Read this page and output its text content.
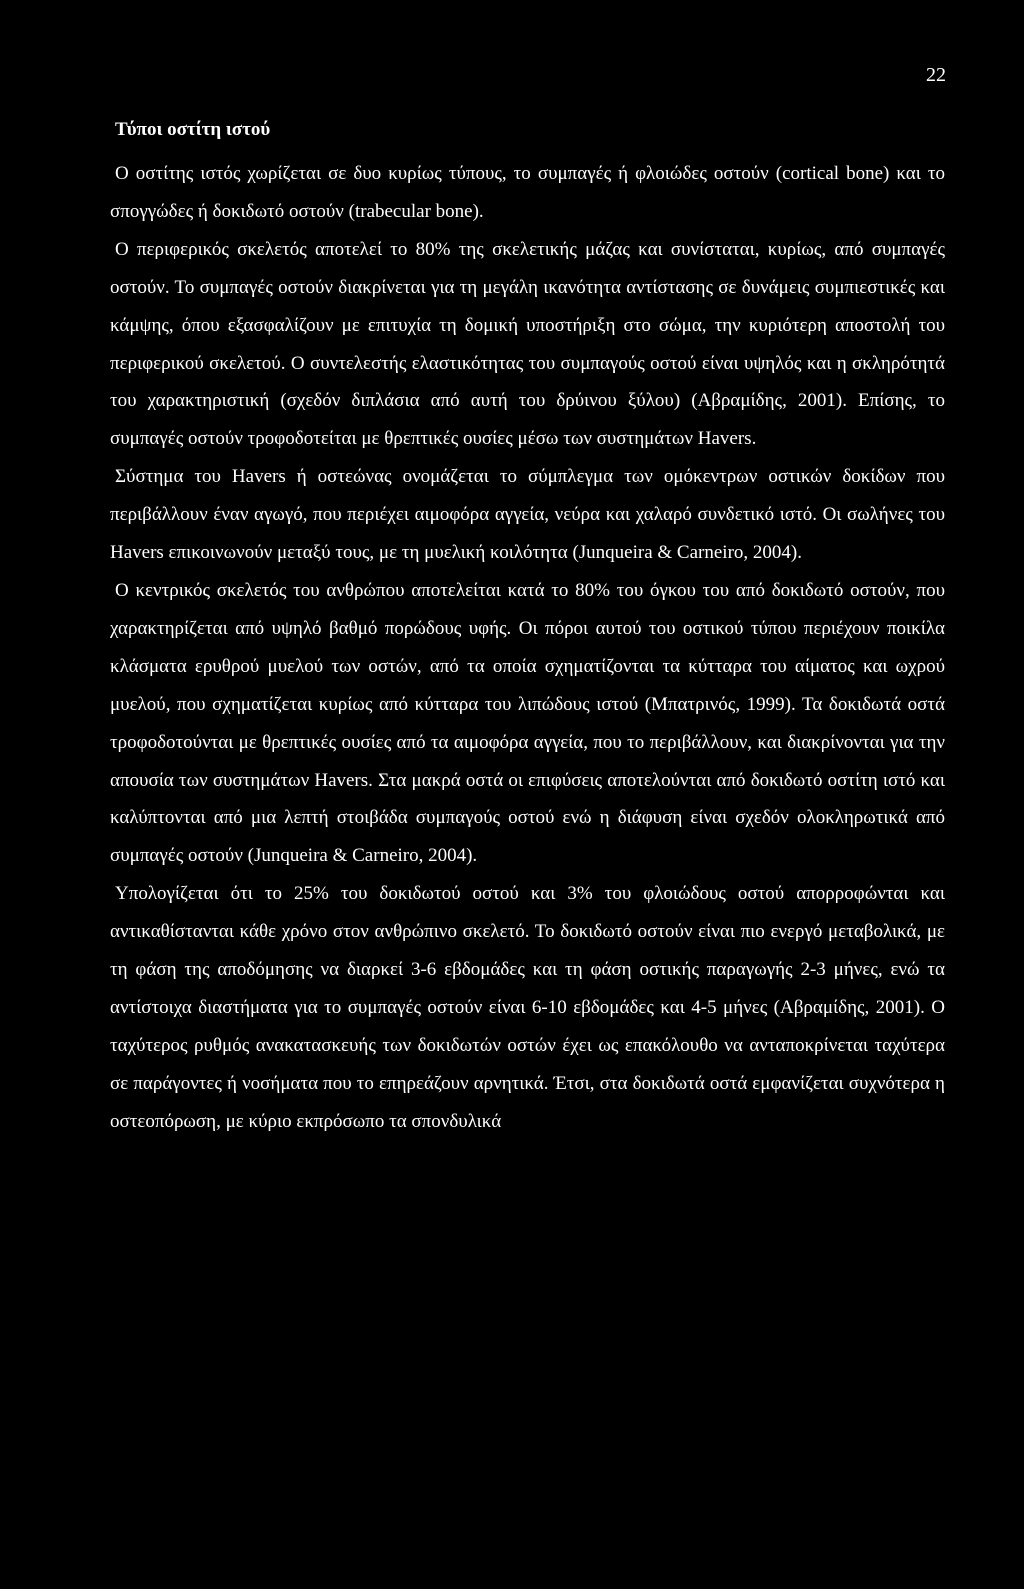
22
Τύποι οστίτη ιστού

Ο οστίτης ιστός χωρίζεται σε δυο κυρίως τύπους, το συμπαγές ή φλοιώδες οστούν (cortical bone) και το σπογγώδες ή δοκιδωτό οστούν (trabecular bone).

Ο περιφερικός σκελετός αποτελεί το 80% της σκελετικής μάζας και συνίσταται, κυρίως, από συμπαγές οστούν. Το συμπαγές οστούν διακρίνεται για τη μεγάλη ικανότητα αντίστασης σε δυνάμεις συμπιεστικές και κάμψης, όπου εξασφαλίζουν με επιτυχία τη δομική υποστήριξη στο σώμα, την κυριότερη αποστολή του περιφερικού σκελετού. Ο συντελεστής ελαστικότητας του συμπαγούς οστού είναι υψηλός και η σκληρότητά του χαρακτηριστική (σχεδόν διπλάσια από αυτή του δρύινου ξύλου) (Αβραμίδης, 2001). Επίσης, το συμπαγές οστούν τροφοδοτείται με θρεπτικές ουσίες μέσω των συστημάτων Havers.

Σύστημα του Havers ή οστεώνας ονομάζεται το σύμπλεγμα των ομόκεντρων οστικών δοκίδων που περιβάλλουν έναν αγωγό, που περιέχει αιμοφόρα αγγεία, νεύρα και χαλαρό συνδετικό ιστό. Οι σωλήνες του Havers επικοινωνούν μεταξύ τους, με τη μυελική κοιλότητα (Junqueira & Carneiro, 2004).

Ο κεντρικός σκελετός του ανθρώπου αποτελείται κατά το 80% του όγκου του από δοκιδωτό οστούν, που χαρακτηρίζεται από υψηλό βαθμό πορώδους υφής. Οι πόροι αυτού του οστικού τύπου περιέχουν ποικίλα κλάσματα ερυθρού μυελού των οστών, από τα οποία σχηματίζονται τα κύτταρα του αίματος και ωχρού μυελού, που σχηματίζεται κυρίως από κύτταρα του λιπώδους ιστού (Μπατρινός, 1999). Τα δοκιδωτά οστά τροφοδοτούνται με θρεπτικές ουσίες από τα αιμοφόρα αγγεία, που το περιβάλλουν, και διακρίνονται για την απουσία των συστημάτων Havers. Στα μακρά οστά οι επιφύσεις αποτελούνται από δοκιδωτό οστίτη ιστό και καλύπτονται από μια λεπτή στοιβάδα συμπαγούς οστού ενώ η διάφυση είναι σχεδόν ολοκληρωτικά από συμπαγές οστούν (Junqueira & Carneiro, 2004).

Υπολογίζεται ότι το 25% του δοκιδωτού οστού και 3% του φλοιώδους οστού απορροφώνται και αντικαθίστανται κάθε χρόνο στον ανθρώπινο σκελετό. Το δοκιδωτό οστούν είναι πιο ενεργό μεταβολικά, με τη φάση της αποδόμησης να διαρκεί 3-6 εβδομάδες και τη φάση οστικής παραγωγής 2-3 μήνες, ενώ τα αντίστοιχα διαστήματα για το συμπαγές οστούν είναι 6-10 εβδομάδες και 4-5 μήνες (Αβραμίδης, 2001). Ο ταχύτερος ρυθμός ανακατασκευής των δοκιδωτών οστών έχει ως επακόλουθο να ανταποκρίνεται ταχύτερα σε παράγοντες ή νοσήματα που το επηρεάζουν αρνητικά. Έτσι, στα δοκιδωτά οστά εμφανίζεται συχνότερα η οστεοπόρωση, με κύριο εκπρόσωπο τα σπονδυλικά
